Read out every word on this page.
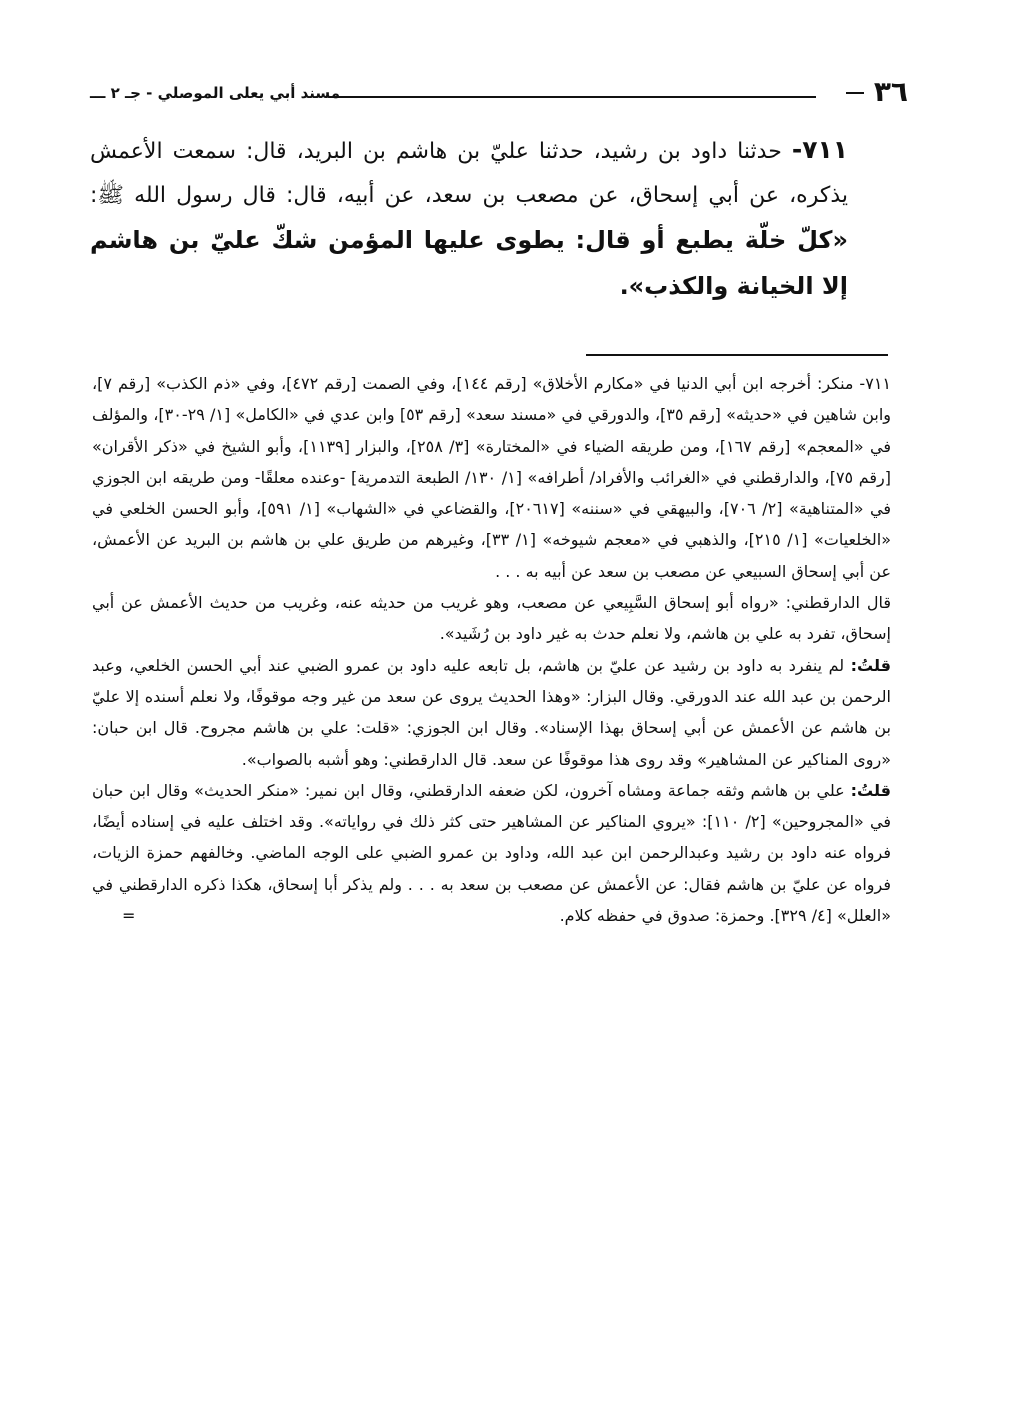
٣٦
مسند أبي يعلى الموصلي - جـ ٢ ـــ
٧١١- حدثنا داود بن رشيد، حدثنا عليّ بن هاشم بن البريد، قال: سمعت الأعمش يذكره، عن أبي إسحاق، عن مصعب بن سعد، عن أبيه، قال: قال رسول الله ﷺ: «كلّ خلّة يطبع أو قال: يطوى عليها المؤمن شكّ عليّ بن هاشم إلا الخيانة والكذب».

٧١١- منكر: أخرجه ابن أبي الدنيا في «مكارم الأخلاق» [رقم ١٤٤]، وفي الصمت [رقم ٤٧٢]، وفي «ذم الكذب» [رقم ٧]، وابن شاهين في «حديثه» [رقم ٣٥]، والدورقي في «مسند سعد» [رقم ٥٣] وابن عدي في «الكامل» [١/ ٢٩-٣٠]، والمؤلف في «المعجم» [رقم ١٦٧]، ومن طريقه الضياء في «المختارة» [٣/ ٢٥٨]، والبزار [١١٣٩]، وأبو الشيخ في «ذكر الأقران» [رقم ٧٥]، والدارقطني في «الغرائب والأفراد/ أطرافه» [١/ ١٣٠/ الطبعة التدمرية] -وعنده معلقًا- ومن طريقه ابن الجوزي في «المتناهية» [٢/ ٧٠٦]، والبيهقي في «سننه» [٢٠٦١٧]، والقضاعي في «الشهاب» [١/ ٥٩١]، وأبو الحسن الخلعي في «الخلعيات» [١/ ٢١٥]، والذهبي في «معجم شيوخه» [١/ ٣٣]، وغيرهم من طريق علي بن هاشم بن البريد عن الأعمش، عن أبي إسحاق السبيعي عن مصعب بن سعد عن أبيه به . . .

قال الدارقطني: «رواه أبو إسحاق السَّبِيعي عن مصعب، وهو غريب من حديثه عنه، وغريب من حديث الأعمش عن أبي إسحاق، تفرد به علي بن هاشم، ولا نعلم حدث به غير داود بن رُشَيد».

قلتُ: لم ينفرد به داود بن رشيد عن عليّ بن هاشم، بل تابعه عليه داود بن عمرو الضبي عند أبي الحسن الخلعي، وعبد الرحمن بن عبد الله عند الدورقي. وقال البزار: «وهذا الحديث يروى عن سعد من غير وجه موقوفًا، ولا نعلم أسنده إلا عليّ بن هاشم عن الأعمش عن أبي إسحاق بهذا الإسناد». وقال ابن الجوزي: «قلت: علي بن هاشم مجروح. قال ابن حبان: «روى المناكير عن المشاهير» وقد روى هذا موقوفًا عن سعد. قال الدارقطني: وهو أشبه بالصواب».

قلتُ: علي بن هاشم وثقه جماعة ومشاه آخرون، لكن ضعفه الدارقطني، وقال ابن نمير: «منكر الحديث» وقال ابن حبان في «المجروحين» [٢/ ١١٠]: «يروي المناكير عن المشاهير حتى كثر ذلك في رواياته». وقد اختلف عليه في إسناده أيضًا، فرواه عنه داود بن رشيد وعبدالرحمن ابن عبد الله، وداود بن عمرو الضبي على الوجه الماضي. وخالفهم حمزة الزيات، فرواه عن عليّ بن هاشم فقال: عن الأعمش عن مصعب بن سعد به . . . ولم يذكر أبا إسحاق، هكذا ذكره الدارقطني في «العلل» [٤/ ٣٢٩]. وحمزة: صدوق في حفظه كلام.
=
